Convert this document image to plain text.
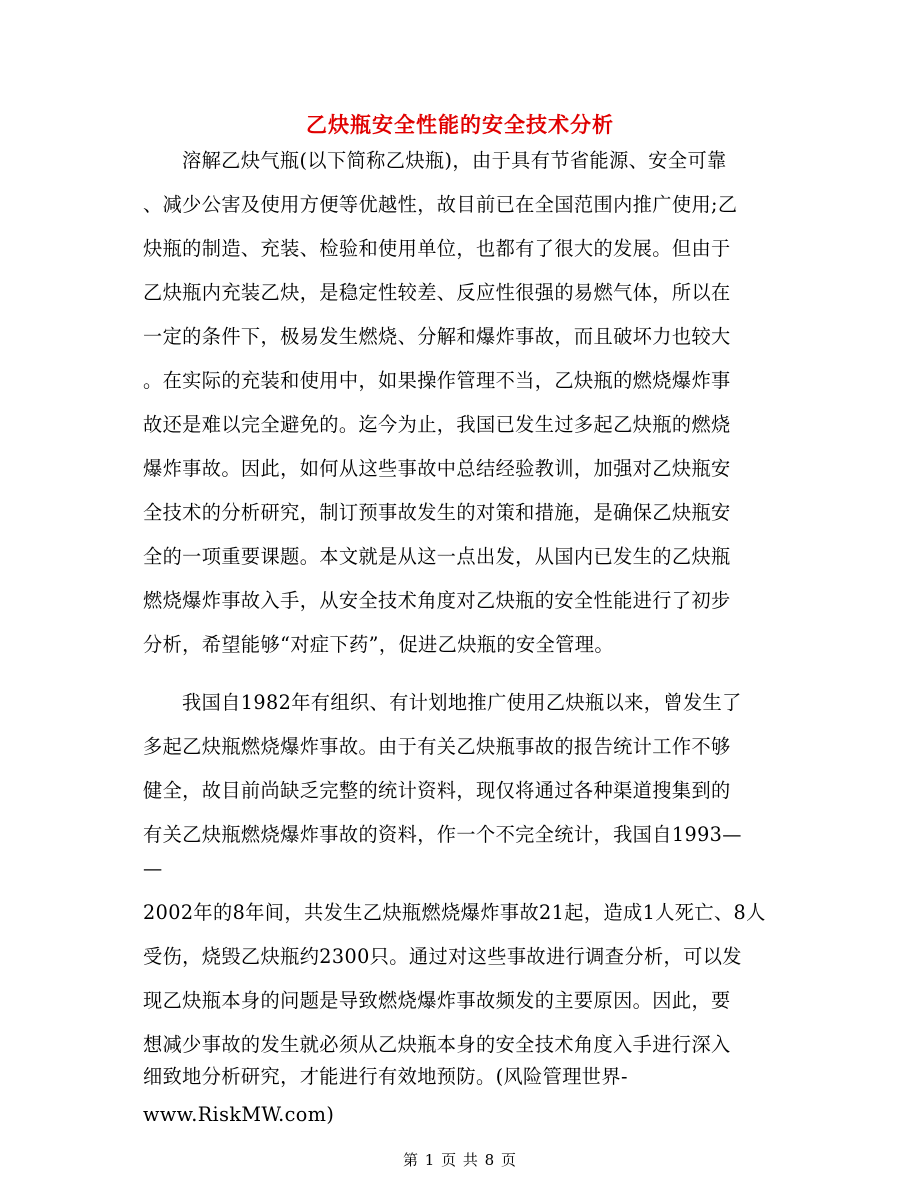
乙炔瓶安全性能的安全技术分析
溶解乙炔气瓶(以下简称乙炔瓶)，由于具有节省能源、安全可靠
、减少公害及使用方便等优越性，故目前已在全国范围内推广使用;乙
炔瓶的制造、充装、检验和使用单位，也都有了很大的发展。但由于
乙炔瓶内充装乙炔，是稳定性较差、反应性很强的易燃气体，所以在
一定的条件下，极易发生燃烧、分解和爆炸事故，而且破坏力也较大
。在实际的充装和使用中，如果操作管理不当，乙炔瓶的燃烧爆炸事
故还是难以完全避免的。迄今为止，我国已发生过多起乙炔瓶的燃烧
爆炸事故。因此，如何从这些事故中总结经验教训，加强对乙炔瓶安
全技术的分析研究，制订预事故发生的对策和措施，是确保乙炔瓶安
全的一项重要课题。本文就是从这一点出发，从国内已发生的乙炔瓶
燃烧爆炸事故入手，从安全技术角度对乙炔瓶的安全性能进行了初步
分析，希望能够“对症下药”，促进乙炔瓶的安全管理。
我国自1982年有组织、有计划地推广使用乙炔瓶以来，曾发生了
多起乙炔瓶燃烧爆炸事故。由于有关乙炔瓶事故的报告统计工作不够
健全，故目前尚缺乏完整的统计资料，现仅将通过各种渠道搜集到的
有关乙炔瓶燃烧爆炸事故的资料，作一个不完全统计，我国自1993—
—
2002年的8年间，共发生乙炔瓶燃烧爆炸事故21起，造成1人死亡、8人
受伤，烧毁乙炔瓶约2300只。通过对这些事故进行调查分析，可以发
现乙炔瓶本身的问题是导致燃烧爆炸事故频发的主要原因。因此，要
想减少事故的发生就必须从乙炔瓶本身的安全技术角度入手进行深入
细致地分析研究，才能进行有效地预防。(风险管理世界-
第 1 页 共 8 页
www.RiskMW.com)
